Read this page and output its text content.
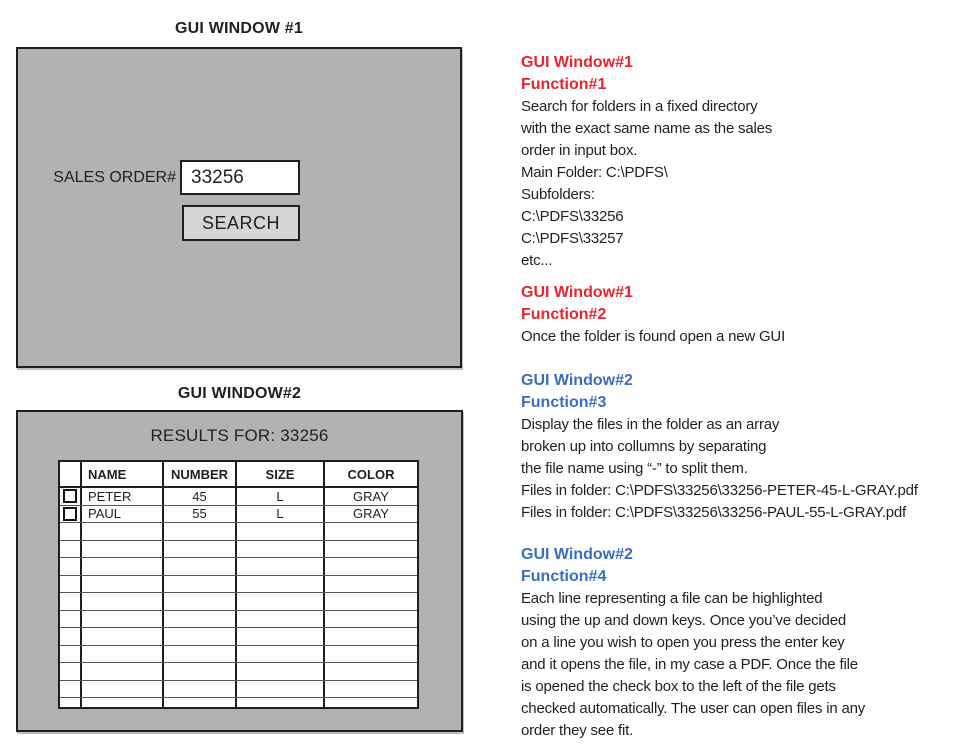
GUI WINDOW #1
SALES ORDER#
33256
SEARCH
GUI WINDOW#2
RESULTS FOR: 33256
NAME	NUMBER	SIZE	COLOR
PETER	45	L	GRAY
PAUL	55	L	GRAY
GUI Window#1
Function#1
Search for folders in a fixed directory
with the exact same name as the sales
order in input box.
Main Folder: C:\PDFS\
Subfolders:
C:\PDFS\33256
C:\PDFS\33257
etc...
GUI Window#1
Function#2
Once the folder is found open a new GUI
GUI Window#2
Function#3
Display the files in the folder as an array
broken up into collumns by separating
the file name using “-” to split them.
Files in folder: C:\PDFS\33256\33256-PETER-45-L-GRAY.pdf
Files in folder: C:\PDFS\33256\33256-PAUL-55-L-GRAY.pdf
GUI Window#2
Function#4
Each line representing a file can be highlighted
using the up and down keys. Once you’ve decided
on a line you wish to open you press the enter key
and it opens the file, in my case a PDF. Once the file
is opened the check box to the left of the file gets
checked automatically. The user can open files in any
order they see fit.
